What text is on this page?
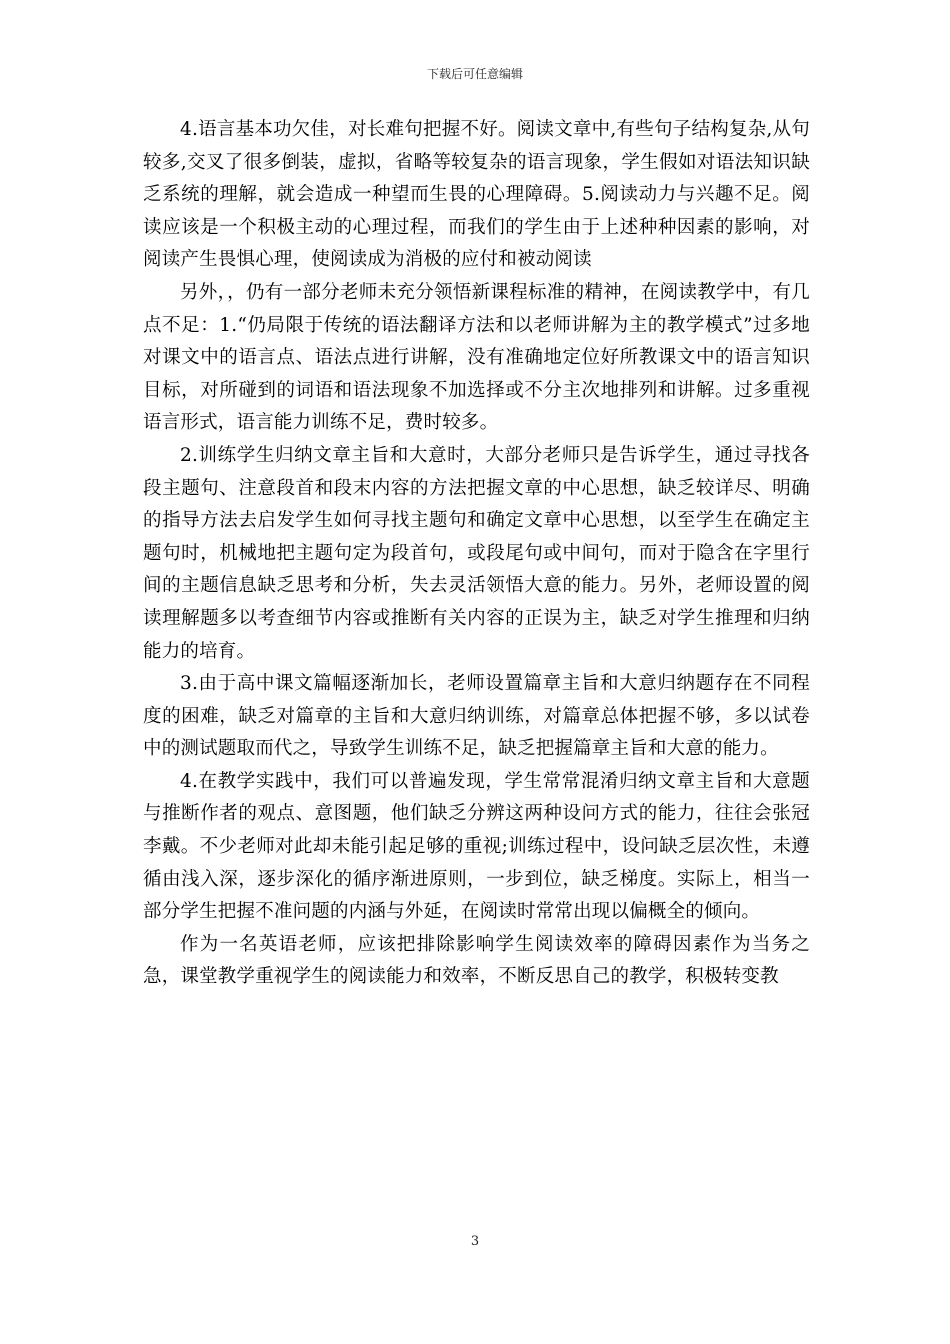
下载后可任意编辑

4.语言基本功欠佳，对长难句把握不好。阅读文章中,有些句子结构复杂,从句较多,交叉了很多倒装，虚拟，省略等较复杂的语言现象，学生假如对语法知识缺乏系统的理解，就会造成一种望而生畏的心理障碍。5.阅读动力与兴趣不足。阅读应该是一个积极主动的心理过程，而我们的学生由于上述种种因素的影响，对阅读产生畏惧心理，使阅读成为消极的应付和被动阅读

另外，，仍有一部分老师未充分领悟新课程标准的精神，在阅读教学中，有几点不足：1.“仍局限于传统的语法翻译方法和以老师讲解为主的教学模式”过多地对课文中的语言点、语法点进行讲解，没有准确地定位好所教课文中的语言知识目标，对所碰到的词语和语法现象不加选择或不分主次地排列和讲解。过多重视语言形式，语言能力训练不足，费时较多。

2.训练学生归纳文章主旨和大意时，大部分老师只是告诉学生，通过寻找各段主题句、注意段首和段末内容的方法把握文章的中心思想，缺乏较详尽、明确的指导方法去启发学生如何寻找主题句和确定文章中心思想，以至学生在确定主题句时，机械地把主题句定为段首句，或段尾句或中间句，而对于隐含在字里行间的主题信息缺乏思考和分析，失去灵活领悟大意的能力。另外，老师设置的阅读理解题多以考查细节内容或推断有关内容的正误为主，缺乏对学生推理和归纳能力的培育。

3.由于高中课文篇幅逐渐加长，老师设置篇章主旨和大意归纳题存在不同程度的困难，缺乏对篇章的主旨和大意归纳训练，对篇章总体把握不够，多以试卷中的测试题取而代之，导致学生训练不足，缺乏把握篇章主旨和大意的能力。

4.在教学实践中，我们可以普遍发现，学生常常混淆归纳文章主旨和大意题与推断作者的观点、意图题，他们缺乏分辨这两种设问方式的能力，往往会张冠李戴。不少老师对此却未能引起足够的重视;训练过程中，设问缺乏层次性，未遵循由浅入深，逐步深化的循序渐进原则，一步到位，缺乏梯度。实际上，相当一部分学生把握不准问题的内涵与外延，在阅读时常常出现以偏概全的倾向。

作为一名英语老师，应该把排除影响学生阅读效率的障碍因素作为当务之急，课堂教学重视学生的阅读能力和效率，不断反思自己的教学，积极转变教

3
